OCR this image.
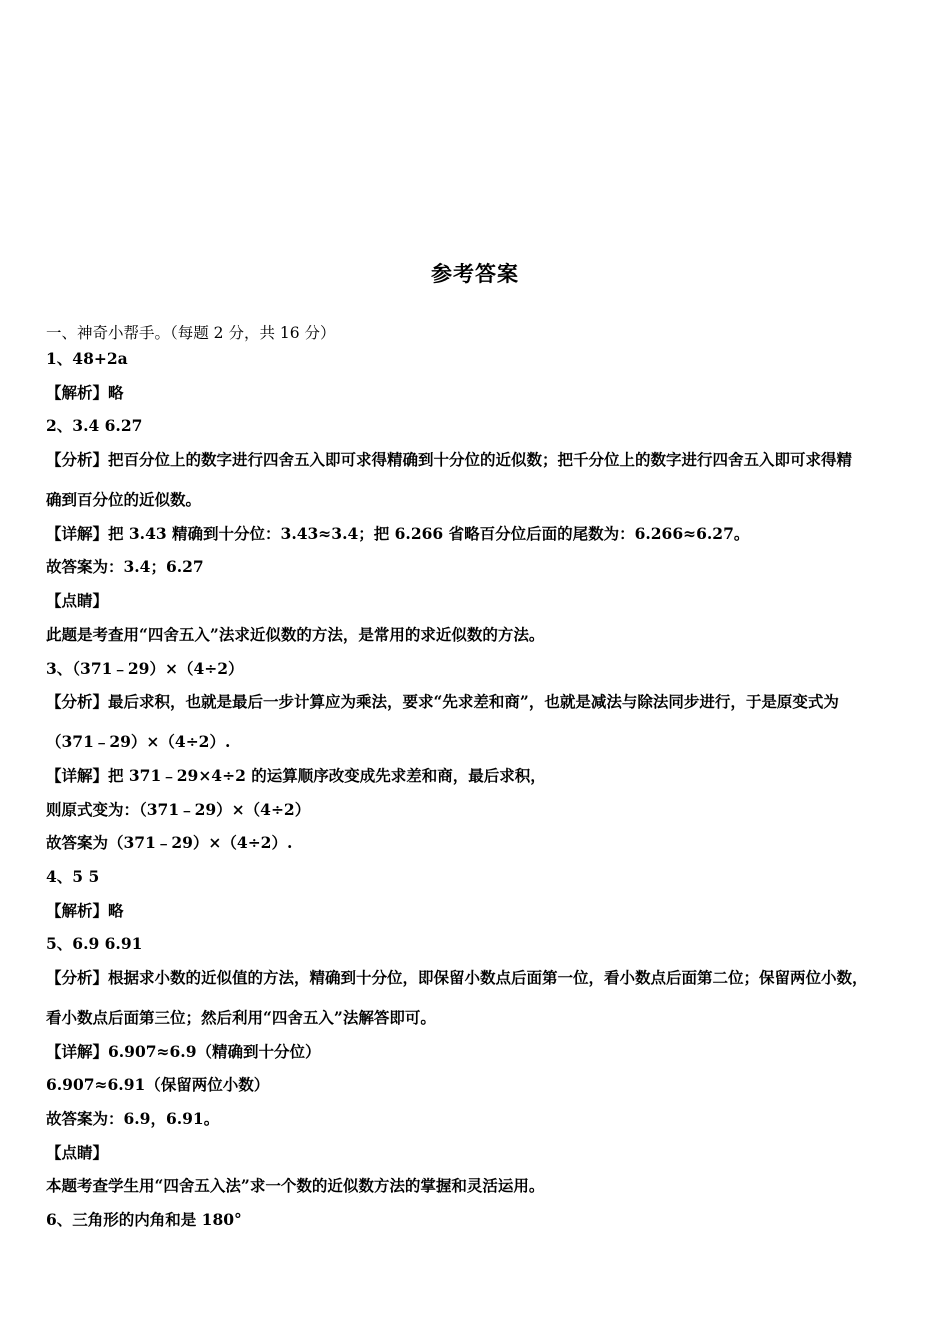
参考答案
一、神奇小帮手。（每题 2 分，共 16 分）
1、48+2a
【解析】略
2、3.4 6.27
【分析】把百分位上的数字进行四舍五入即可求得精确到十分位的近似数；把千分位上的数字进行四舍五入即可求得精
确到百分位的近似数。
【详解】把 3.43 精确到十分位：3.43≈3.4；把 6.266 省略百分位后面的尾数为：6.266≈6.27。
故答案为：3.4；6.27
【点睛】
此题是考查用“四舍五入”法求近似数的方法，是常用的求近似数的方法。
3、（371﹣29）×（4÷2）
【分析】最后求积，也就是最后一步计算应为乘法，要求“先求差和商”，也就是减法与除法同步进行，于是原变式为
（371﹣29）×（4÷2）.
【详解】把 371﹣29×4÷2 的运算顺序改变成先求差和商，最后求积，
则原式变为：（371﹣29）×（4÷2）
故答案为（371﹣29）×（4÷2）.
4、5 5
【解析】略
5、6.9 6.91
【分析】根据求小数的近似值的方法，精确到十分位，即保留小数点后面第一位，看小数点后面第二位；保留两位小数，
看小数点后面第三位；然后利用“四舍五入”法解答即可。
【详解】6.907≈6.9（精确到十分位）
6.907≈6.91（保留两位小数）
故答案为：6.9，6.91。
【点睛】
本题考查学生用“四舍五入法”求一个数的近似数方法的掌握和灵活运用。
6、三角形的内角和是 180°
